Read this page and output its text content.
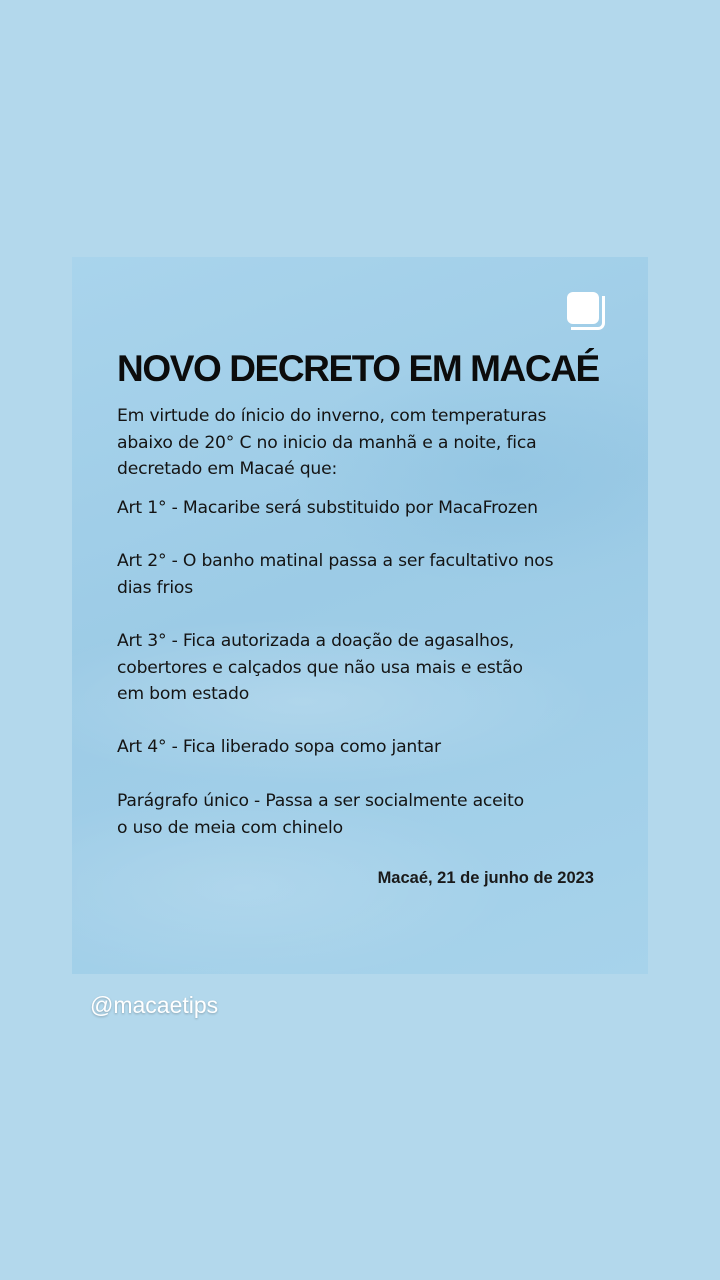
NOVO DECRETO EM MACAÉ
Em virtude do ínicio do inverno, com temperaturas
abaixo de 20° C no inicio da manhã e a noite, fica
decretado em Macaé que:
Art 1° - Macaribe será substituido por MacaFrozen
Art 2° - O banho matinal passa a ser facultativo nos
dias frios
Art 3° - Fica autorizada a doação de agasalhos,
cobertores e calçados que não usa mais e estão
em bom estado
Art 4° - Fica liberado sopa como jantar
Parágrafo único - Passa a ser socialmente aceito
o uso de meia com chinelo
Macaé, 21 de junho de 2023
@macaetips
